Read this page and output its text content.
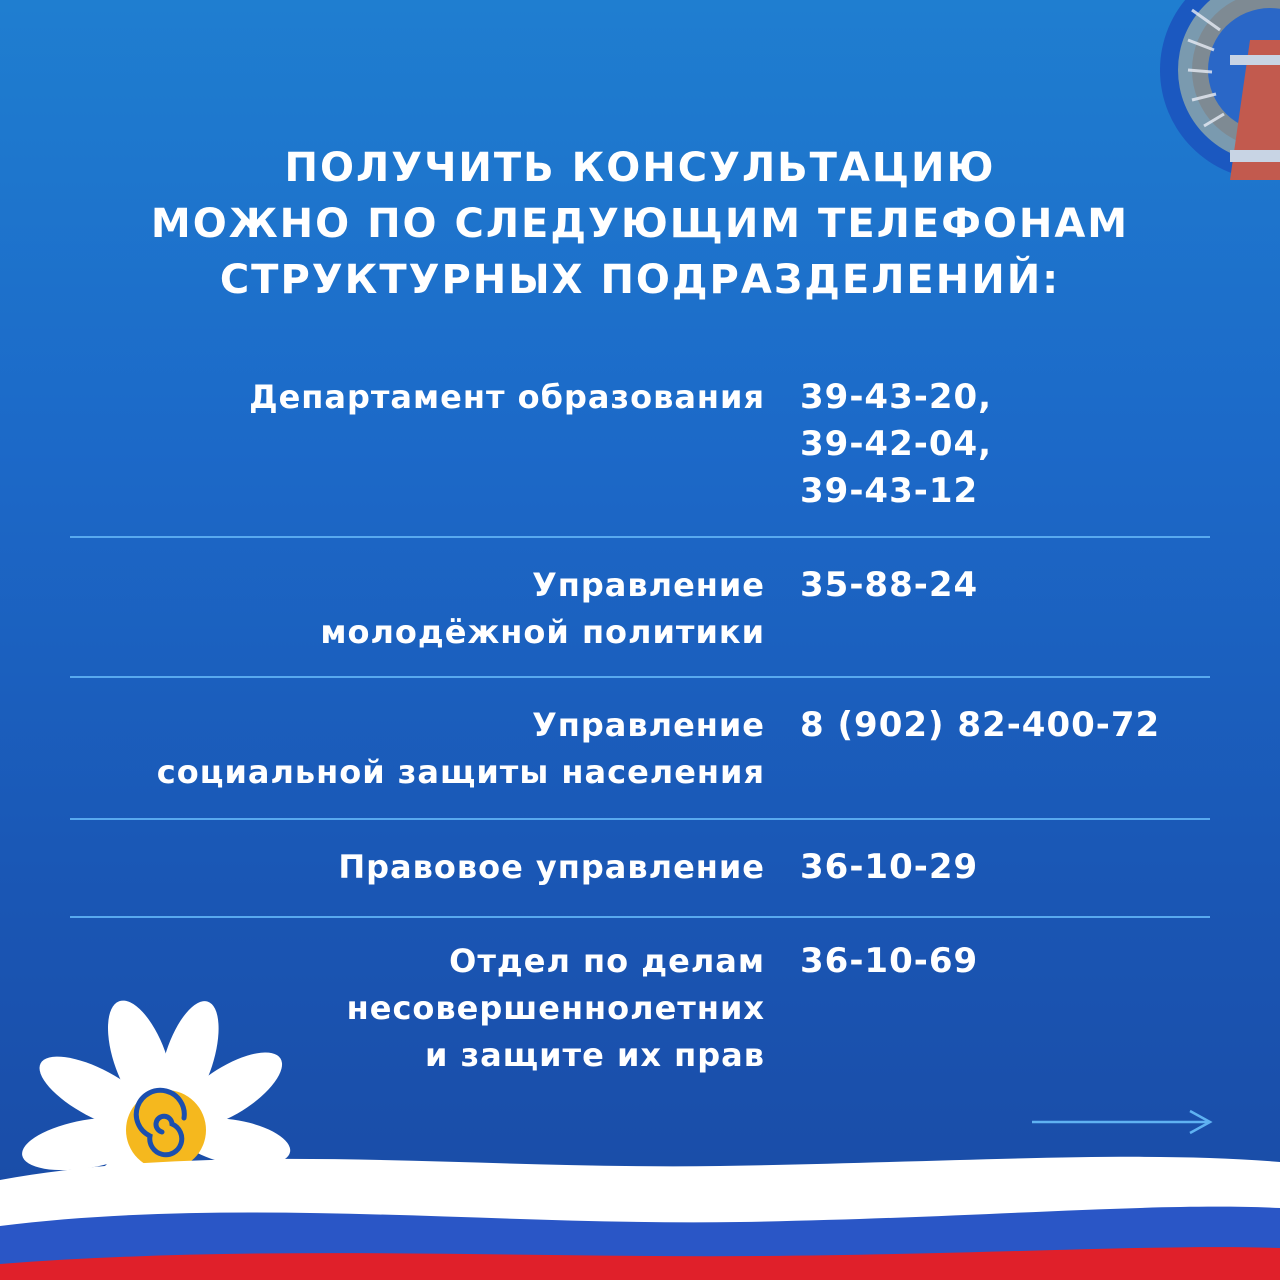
ПОЛУЧИТЬ КОНСУЛЬТАЦИЮ
МОЖНО ПО СЛЕДУЮЩИМ ТЕЛЕФОНАМ
СТРУКТУРНЫХ ПОДРАЗДЕЛЕНИЙ:
Департамент образования 39-43-20,
39-42-04,
39-43-12
Управление
молодёжной политики
35-88-24
Управление
социальной защиты населения
8 (902) 82-400-72
Правовое управление 36-10-29
Отдел по делам
несовершеннолетних
и защите их прав
36-10-69
